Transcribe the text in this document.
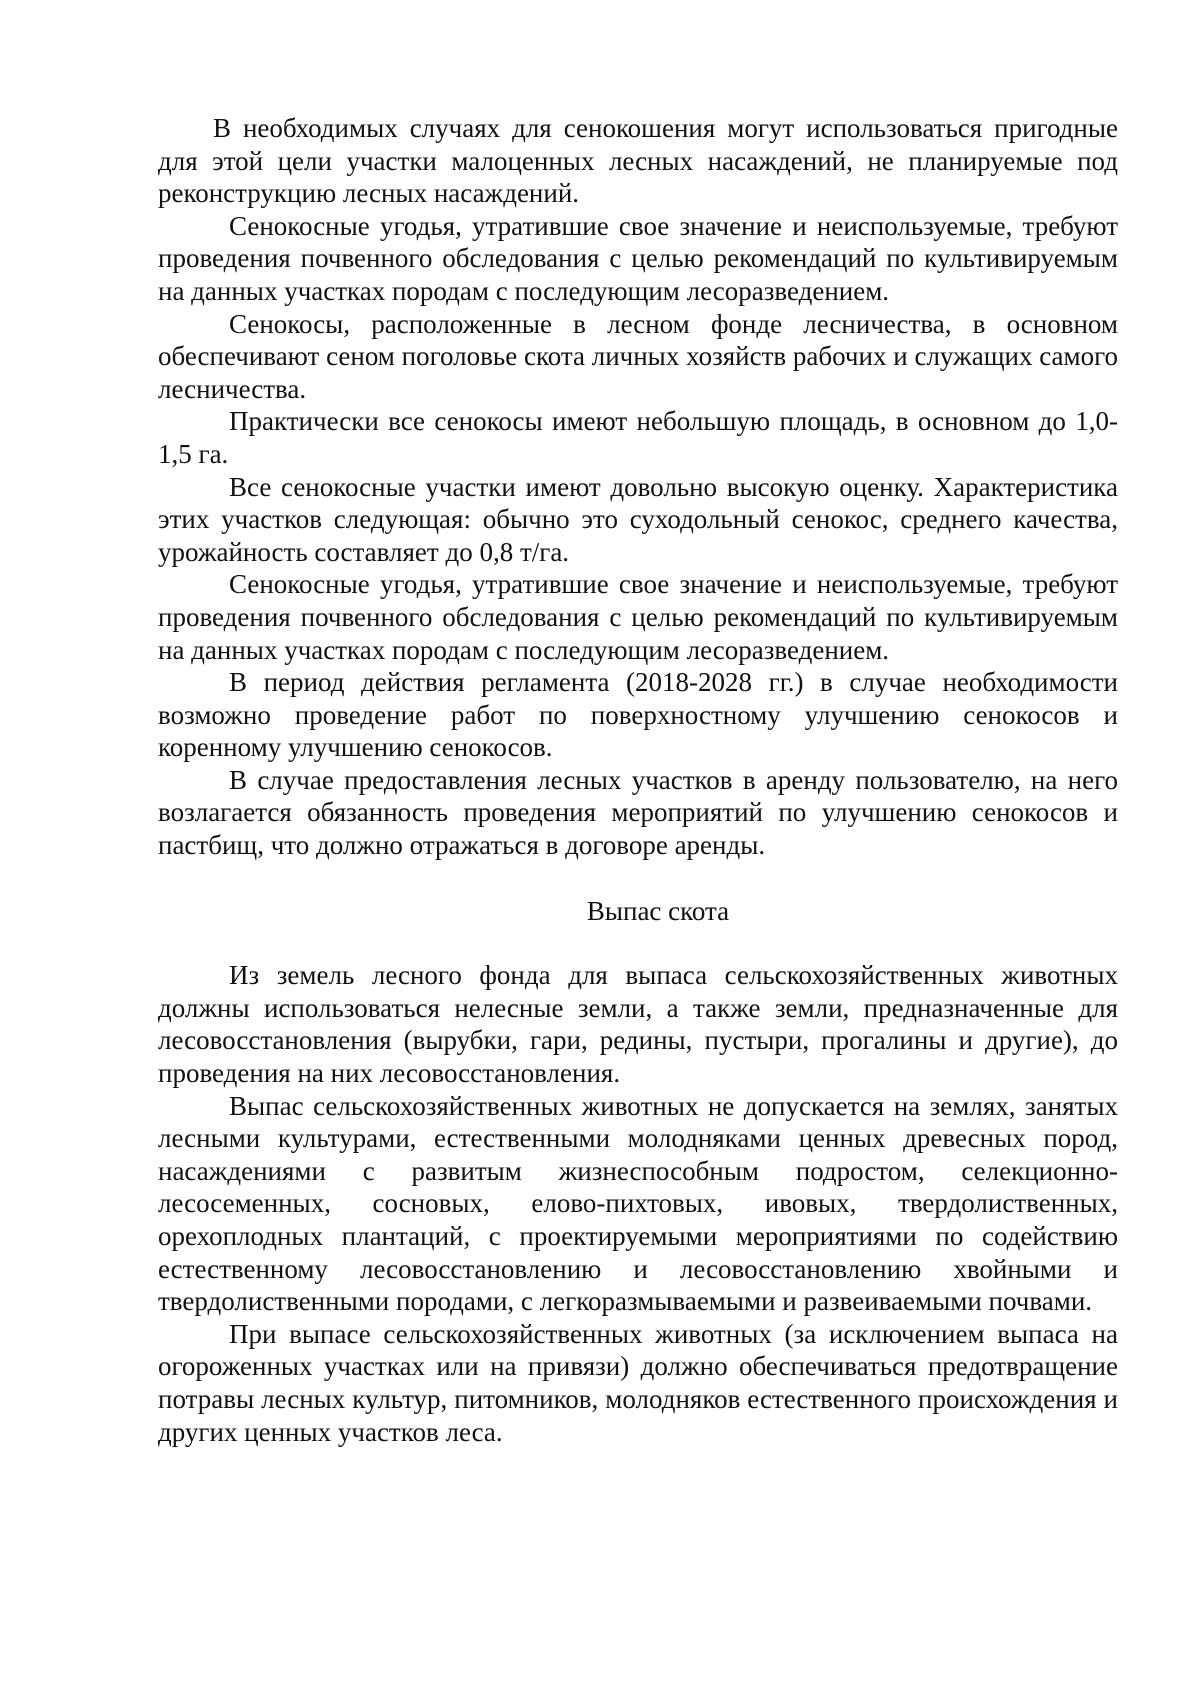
В необходимых случаях для сенокошения могут использоваться пригодные для этой цели участки малоценных лесных насаждений, не планируемые под реконструкцию лесных насаждений.

Сенокосные угодья, утратившие свое значение и неиспользуемые, требуют проведения почвенного обследования с целью рекомендаций по культивируемым на данных участках породам с последующим лесоразведением.

Сенокосы, расположенные в лесном фонде лесничества, в основном обеспечивают сеном поголовье скота личных хозяйств рабочих и служащих самого лесничества.

Практически все сенокосы имеют небольшую площадь, в основном до 1,0-1,5 га.

Все сенокосные участки имеют довольно высокую оценку. Характеристика этих участков следующая: обычно это суходольный сенокос, среднего качества, урожайность составляет до 0,8 т/га.

Сенокосные угодья, утратившие свое значение и неиспользуемые, требуют проведения почвенного обследования с целью рекомендаций по культивируемым на данных участках породам с последующим лесоразведением.

В период действия регламента (2018-2028 гг.) в случае необходимости возможно проведение работ по поверхностному улучшению сенокосов и коренному улучшению сенокосов.

В случае предоставления лесных участков в аренду пользователю, на него возлагается обязанность проведения мероприятий по улучшению сенокосов и пастбищ, что должно отражаться в договоре аренды.

Выпас скота

Из земель лесного фонда для выпаса сельскохозяйственных животных должны использоваться нелесные земли, а также земли, предназначенные для лесовосстановления (вырубки, гари, редины, пустыри, прогалины и другие), до проведения на них лесовосстановления.

Выпас сельскохозяйственных животных не допускается на землях, занятых лесными культурами, естественными молодняками ценных древесных пород, насаждениями с развитым жизнеспособным подростом, селекционно-лесосеменных, сосновых, елово-пихтовых, ивовых, твердолиственных, орехоплодных плантаций, с проектируемыми мероприятиями по содействию естественному лесовосстановлению и лесовосстановлению хвойными и твердолиственными породами, с легкоразмываемыми и развеиваемыми почвами.

При выпасе сельскохозяйственных животных (за исключением выпаса на огороженных участках или на привязи) должно обеспечиваться предотвращение потравы лесных культур, питомников, молодняков естественного происхождения и других ценных участков леса.
